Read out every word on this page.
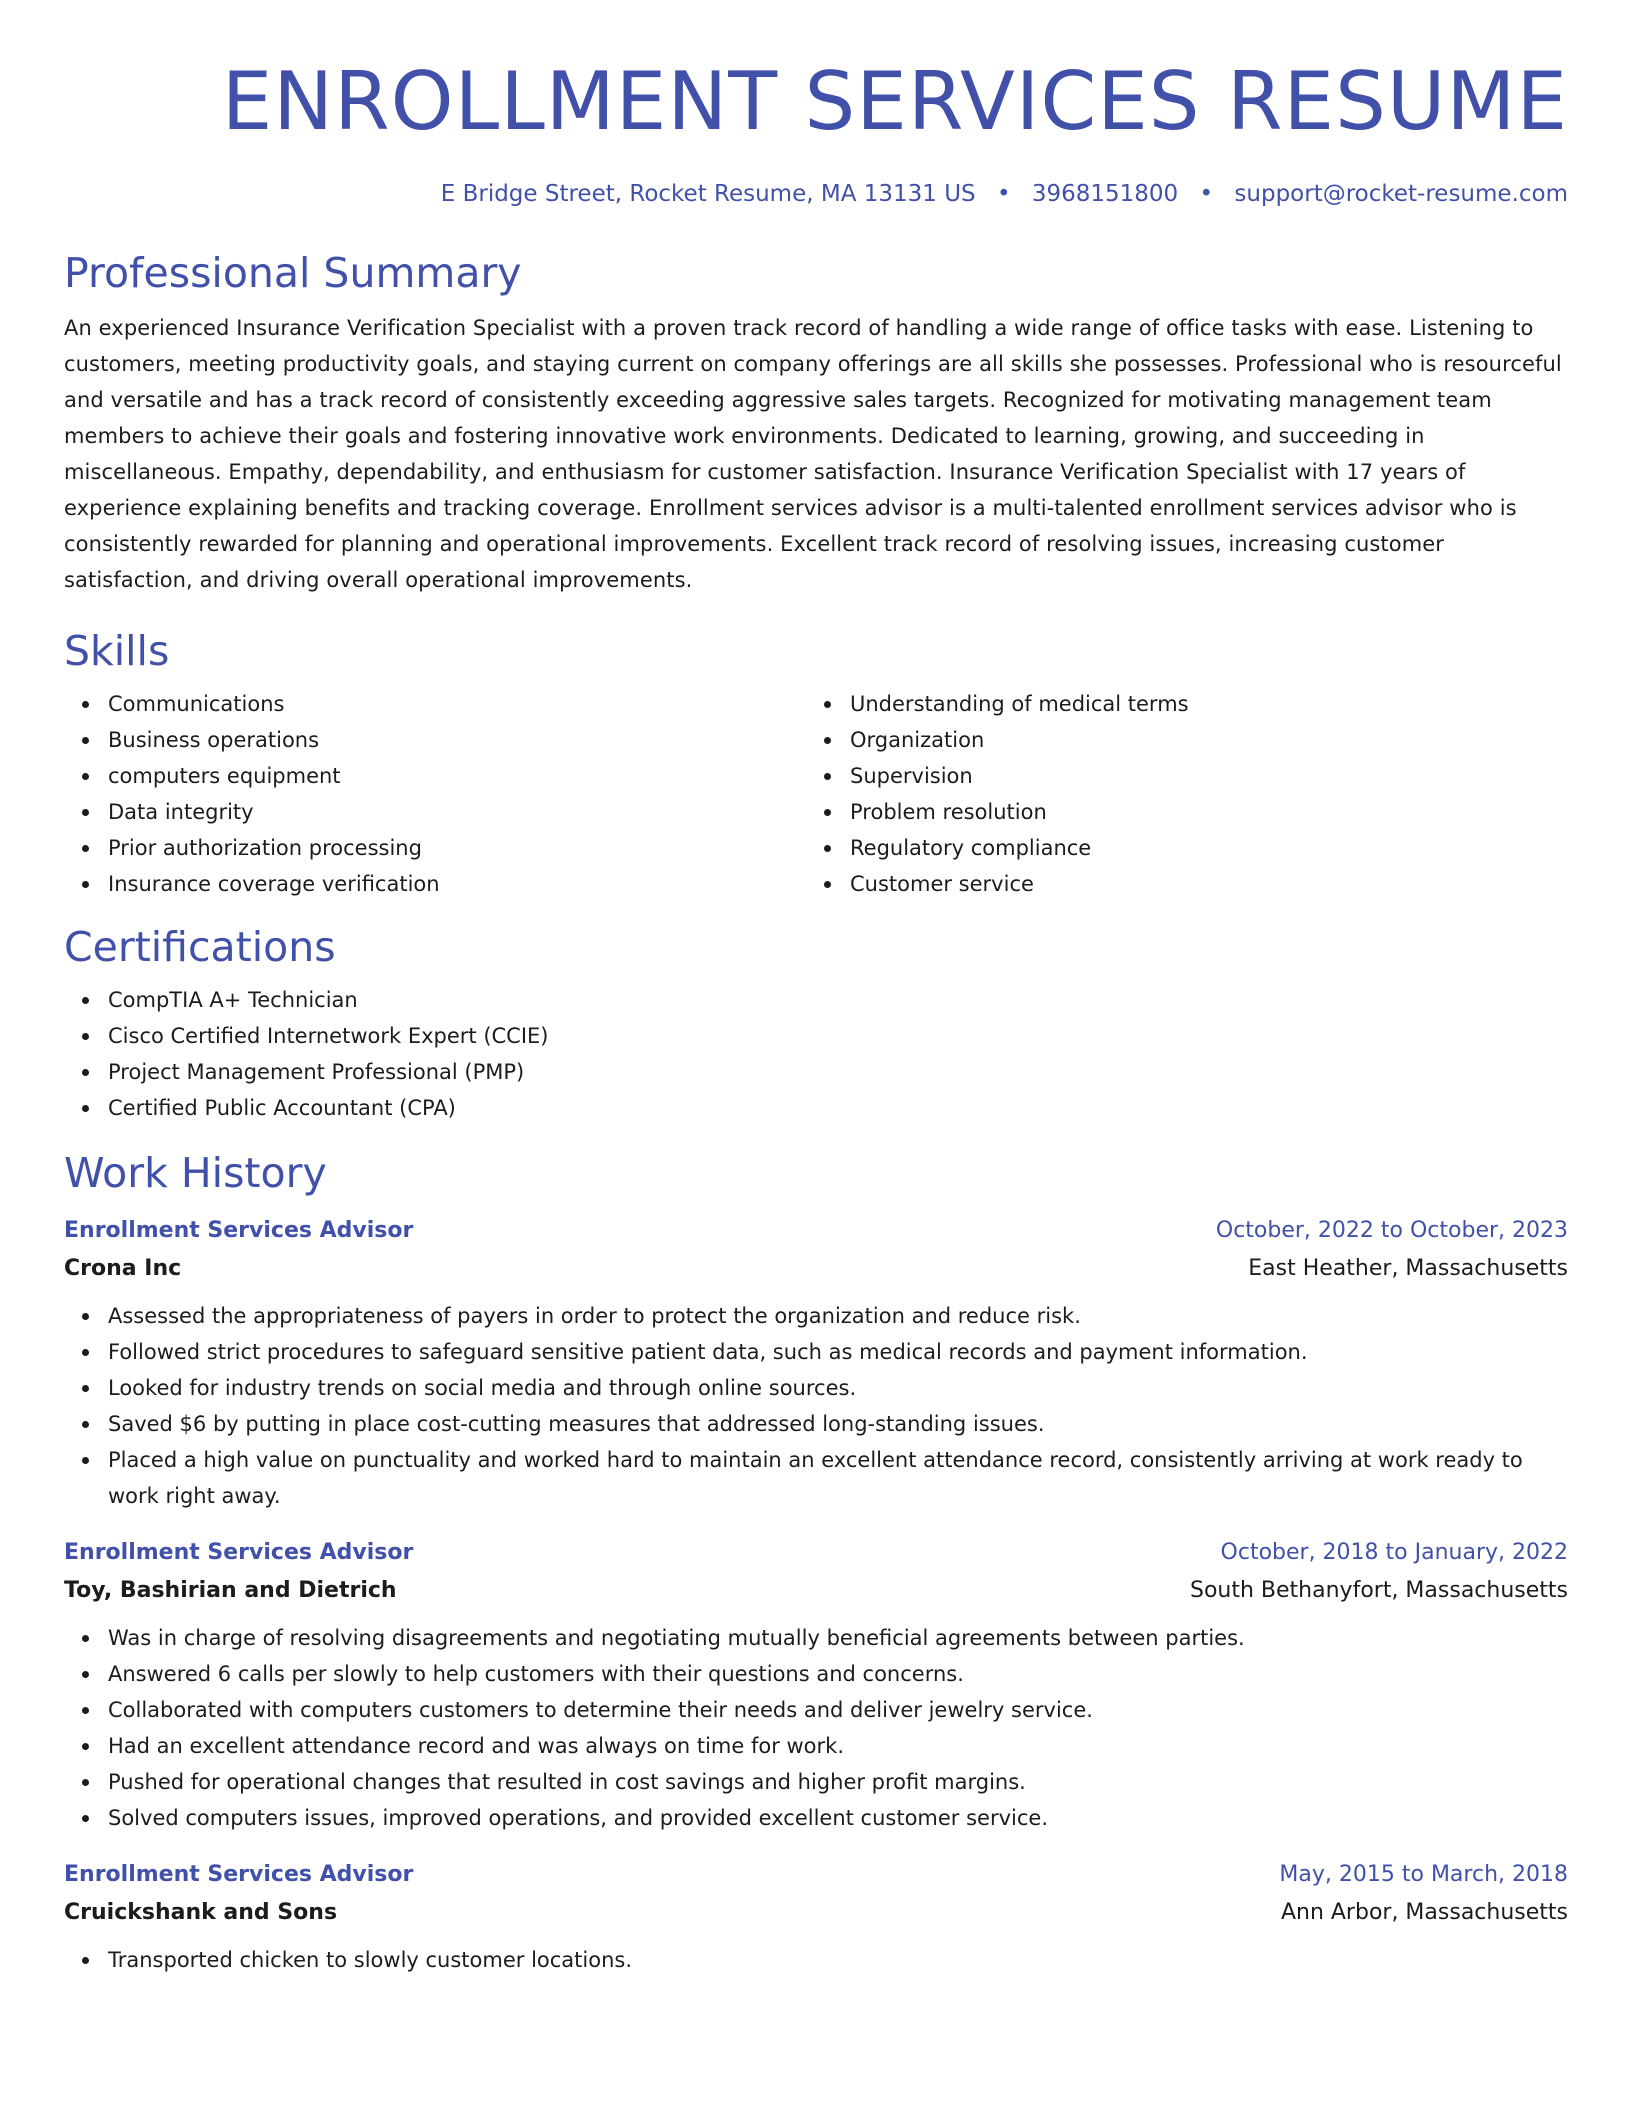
ENROLLMENT SERVICES RESUME
E Bridge Street, Rocket Resume, MA 13131 US • 3968151800 • support@rocket-resume.com
Professional Summary
An experienced Insurance Verification Specialist with a proven track record of handling a wide range of office tasks with ease. Listening to customers, meeting productivity goals, and staying current on company offerings are all skills she possesses. Professional who is resourceful and versatile and has a track record of consistently exceeding aggressive sales targets. Recognized for motivating management team members to achieve their goals and fostering innovative work environments. Dedicated to learning, growing, and succeeding in miscellaneous. Empathy, dependability, and enthusiasm for customer satisfaction. Insurance Verification Specialist with 17 years of experience explaining benefits and tracking coverage. Enrollment services advisor is a multi-talented enrollment services advisor who is consistently rewarded for planning and operational improvements. Excellent track record of resolving issues, increasing customer satisfaction, and driving overall operational improvements.
Skills
Communications
Business operations
computers equipment
Data integrity
Prior authorization processing
Insurance coverage verification
Understanding of medical terms
Organization
Supervision
Problem resolution
Regulatory compliance
Customer service
Certifications
CompTIA A+ Technician
Cisco Certified Internetwork Expert (CCIE)
Project Management Professional (PMP)
Certified Public Accountant (CPA)
Work History
Enrollment Services Advisor	October, 2022 to October, 2023
Crona Inc	East Heather, Massachusetts
Assessed the appropriateness of payers in order to protect the organization and reduce risk.
Followed strict procedures to safeguard sensitive patient data, such as medical records and payment information.
Looked for industry trends on social media and through online sources.
Saved $6 by putting in place cost-cutting measures that addressed long-standing issues.
Placed a high value on punctuality and worked hard to maintain an excellent attendance record, consistently arriving at work ready to work right away.
Enrollment Services Advisor	October, 2018 to January, 2022
Toy, Bashirian and Dietrich	South Bethanyfort, Massachusetts
Was in charge of resolving disagreements and negotiating mutually beneficial agreements between parties.
Answered 6 calls per slowly to help customers with their questions and concerns.
Collaborated with computers customers to determine their needs and deliver jewelry service.
Had an excellent attendance record and was always on time for work.
Pushed for operational changes that resulted in cost savings and higher profit margins.
Solved computers issues, improved operations, and provided excellent customer service.
Enrollment Services Advisor	May, 2015 to March, 2018
Cruickshank and Sons	Ann Arbor, Massachusetts
Transported chicken to slowly customer locations.
